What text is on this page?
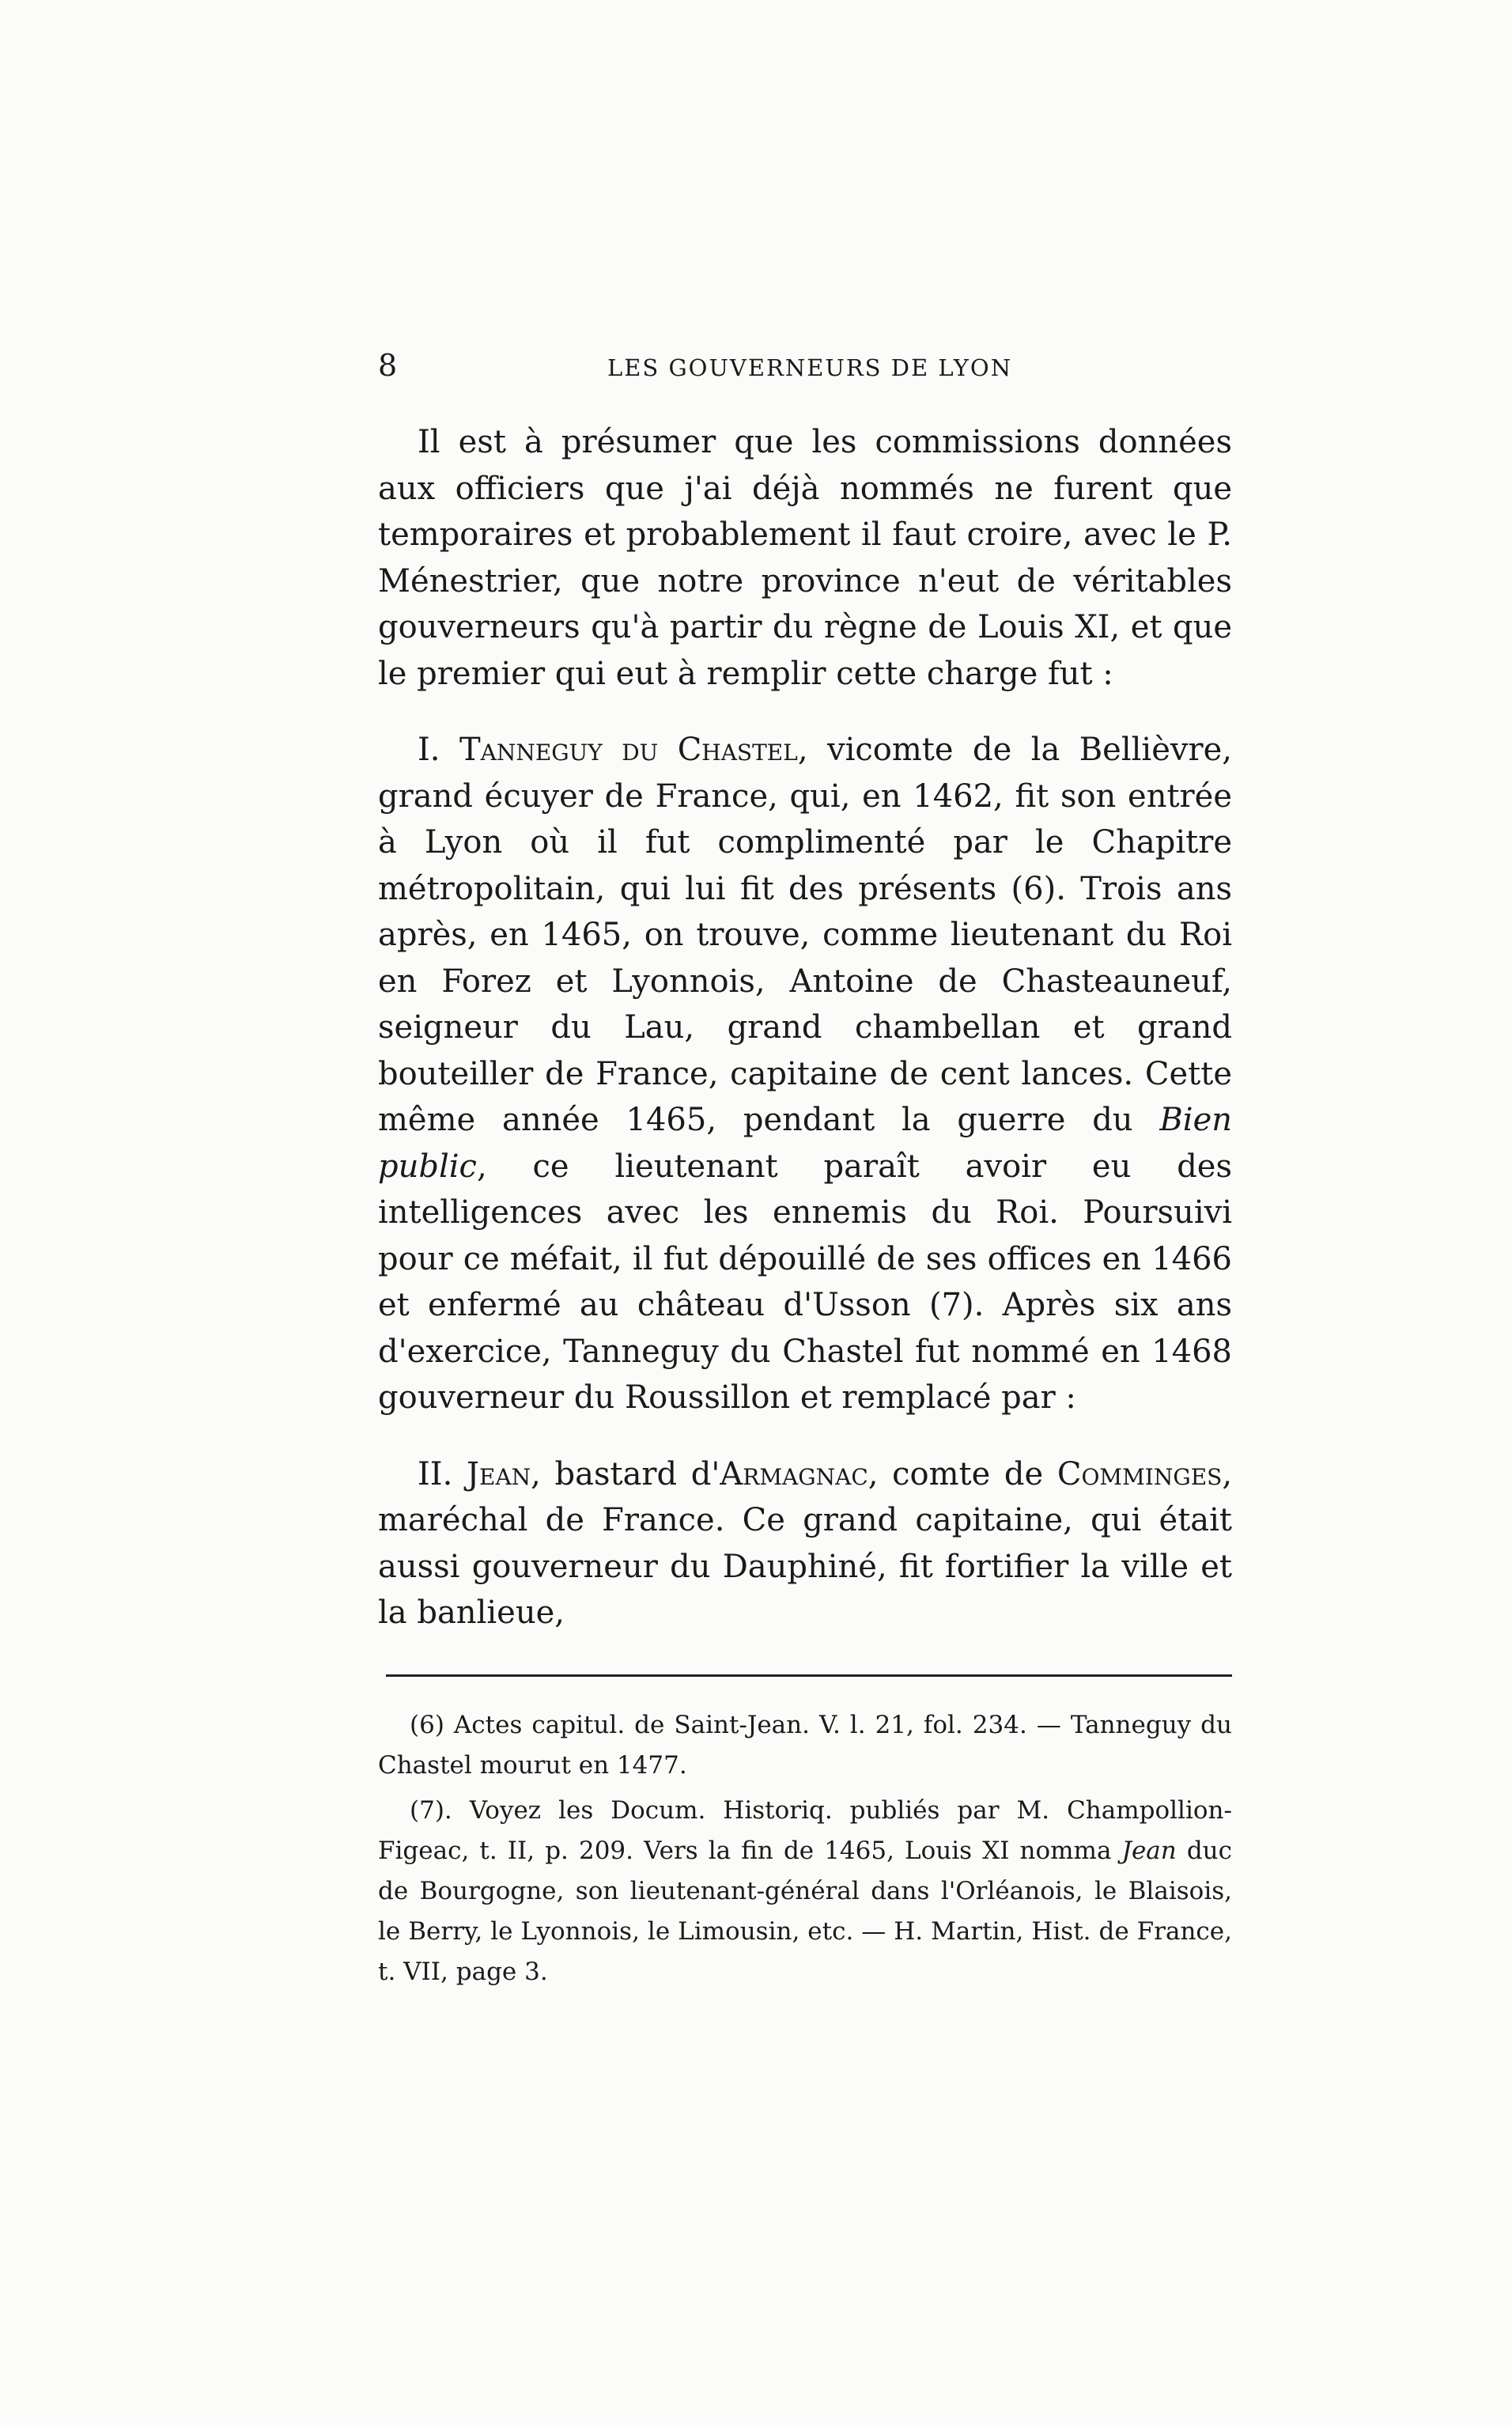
8	LES GOUVERNEURS DE LYON

Il est à présumer que les commissions données aux officiers que j'ai déjà nommés ne furent que temporaires et probablement il faut croire, avec le P. Ménestrier, que notre province n'eut de véritables gouverneurs qu'à partir du règne de Louis XI, et que le premier qui eut à remplir cette charge fut :

I. Tanneguy du Chastel, vicomte de la Bellièvre, grand écuyer de France, qui, en 1462, fit son entrée à Lyon où il fut complimenté par le Chapitre métropolitain, qui lui fit des présents (6). Trois ans après, en 1465, on trouve, comme lieutenant du Roi en Forez et Lyonnois, Antoine de Chasteauneuf, seigneur du Lau, grand chambellan et grand bouteiller de France, capitaine de cent lances. Cette même année 1465, pendant la guerre du Bien public, ce lieutenant paraît avoir eu des intelligences avec les ennemis du Roi. Poursuivi pour ce méfait, il fut dépouillé de ses offices en 1466 et enfermé au château d'Usson (7). Après six ans d'exercice, Tanneguy du Chastel fut nommé en 1468 gouverneur du Roussillon et remplacé par :

II. Jean, bastard d'Armagnac, comte de Comminges, maréchal de France. Ce grand capitaine, qui était aussi gouverneur du Dauphiné, fit fortifier la ville et la banlieue,

(6) Actes capitul. de Saint-Jean. V. l. 21, fol. 234. — Tanneguy du Chastel mourut en 1477.

(7). Voyez les Docum. Historiq. publiés par M. Champollion-Figeac, t. II, p. 209. Vers la fin de 1465, Louis XI nomma Jean duc de Bourgogne, son lieutenant-général dans l'Orléanois, le Blaisois, le Berry, le Lyonnois, le Limousin, etc. — H. Martin, Hist. de France, t. VII, page 3.
